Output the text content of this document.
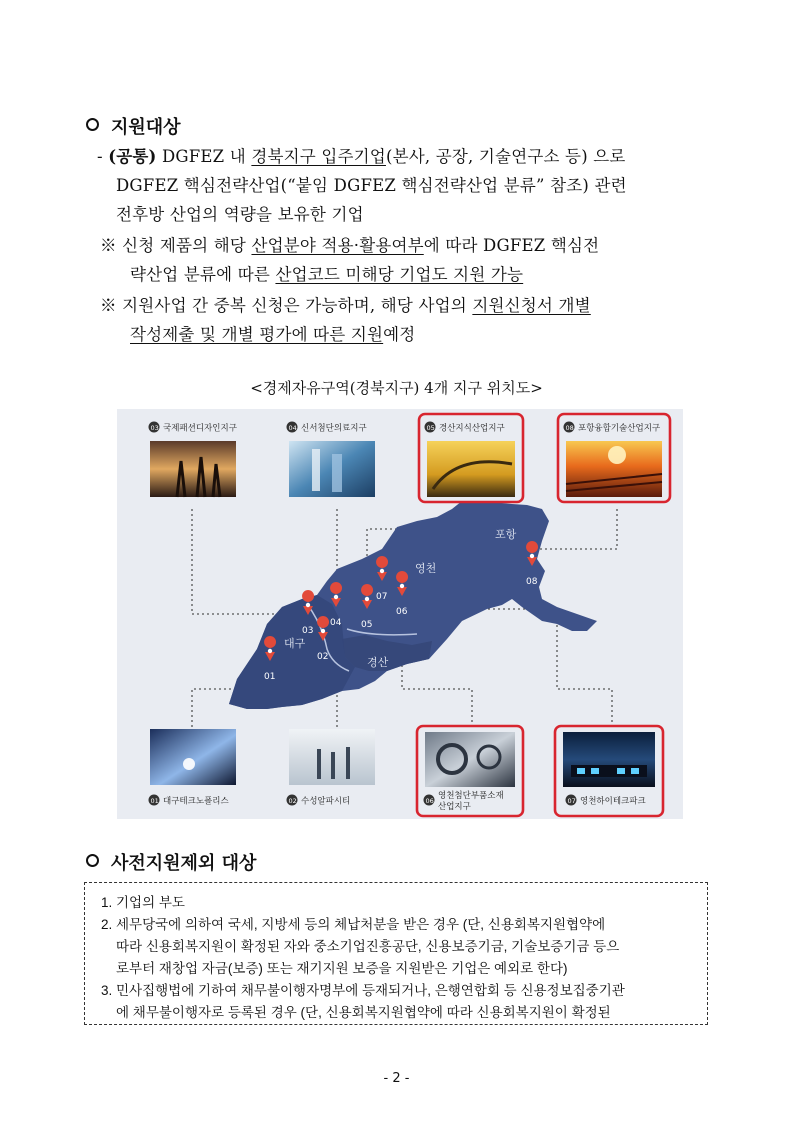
지원대상
- (공통) DGFEZ 내 경북지구 입주기업(본사, 공장, 기술연구소 등) 으로
DGFEZ 핵심전략산업(“붙임 DGFEZ 핵심전략산업 분류” 참조) 관련
전후방 산업의 역량을 보유한 기업
※ 신청 제품의 해당 산업분야 적용·활용여부에 따라 DGFEZ 핵심전
략산업 분류에 따른 산업코드 미해당 기업도 지원 가능
※ 지원사업 간 중복 신청은 가능하며, 해당 사업의 지원신청서 개별
작성제출 및 개별 평가에 따른 지원예정
<경제자유구역(경북지구) 4개 지구 위치도>
포항
영천
대구
경산
01
02
03
04 05
06
07
08
03 국제패션디자인지구	04 신서첨단의료지구	05 경산지식산업지구	08 포항융합기술산업지구
01 대구테크노폴리스	02 수성알파시티	06 영천첨단부품소재
산업지구
07 영천하이테크파크
사전지원제외 대상
1. 기업의 부도
2. 세무당국에 의하여 국세, 지방세 등의 체납처분을 받은 경우 (단, 신용회복지원협약에
따라 신용회복지원이 확정된 자와 중소기업진흥공단, 신용보증기금, 기술보증기금 등으
로부터 재창업 자금(보증) 또는 재기지원 보증을 지원받은 기업은 예외로 한다)
3. 민사집행법에 기하여 채무불이행자명부에 등재되거나, 은행연합회 등 신용정보집중기관
에 채무불이행자로 등록된 경우 (단, 신용회복지원협약에 따라 신용회복지원이 확정된
- 2 -
